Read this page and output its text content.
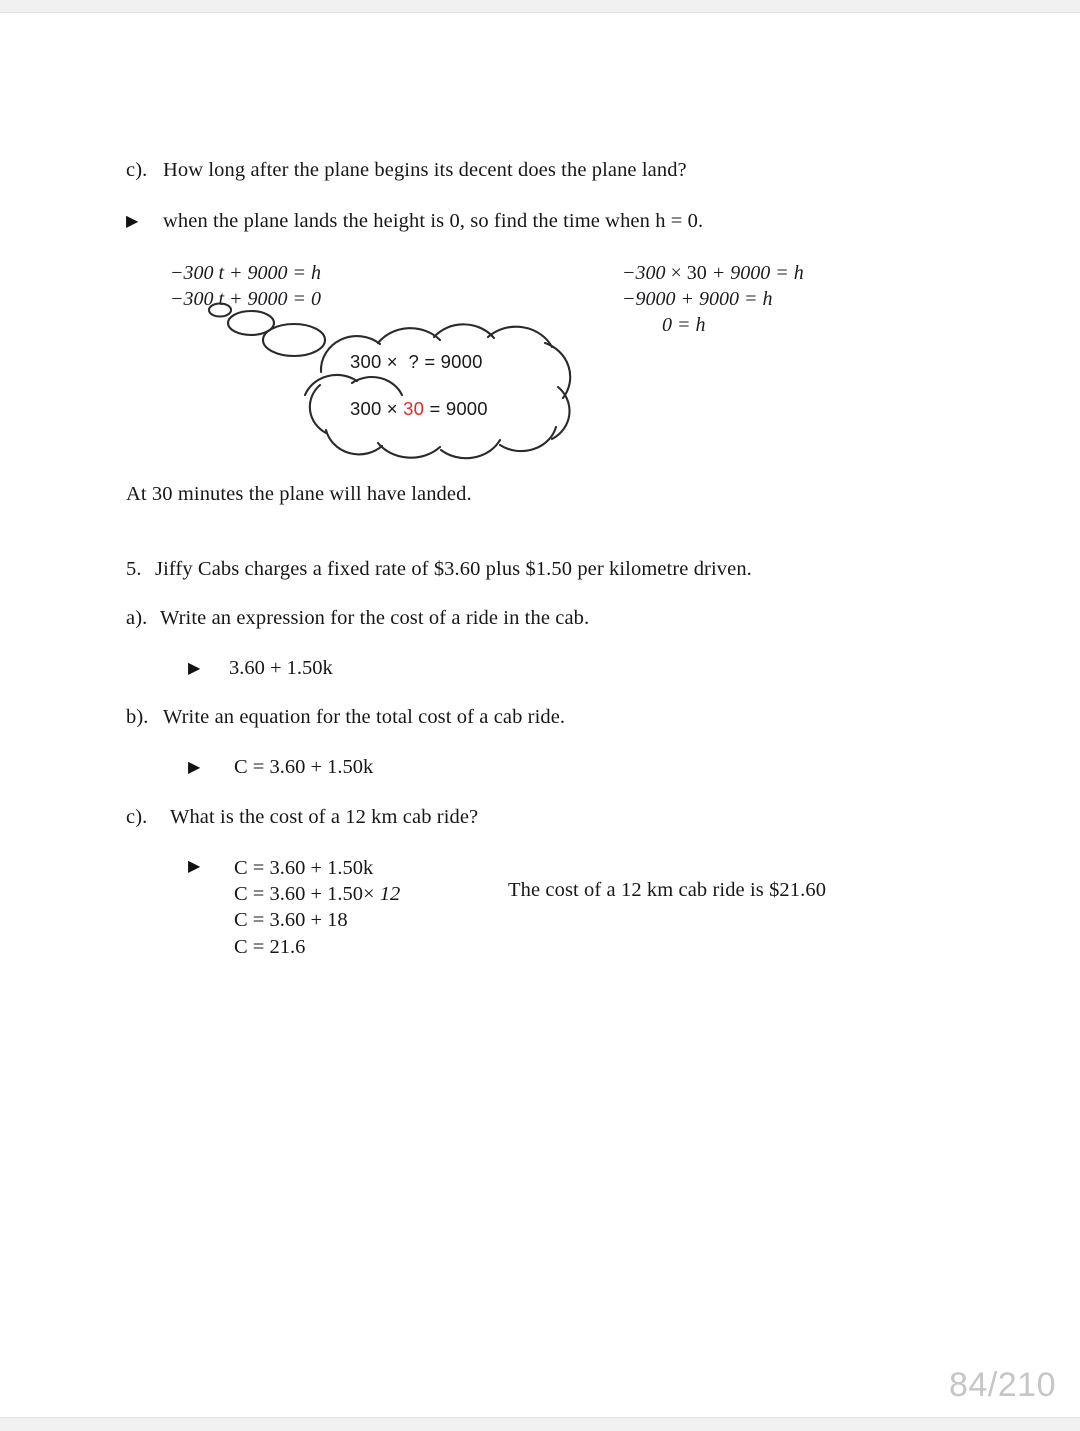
c). How long after the plane begins its decent does the plane land?
▶ when the plane lands the height is 0, so find the time when h = 0.
−300 t + 9000 = h
−300 t + 9000 = 0
−300 × 30 + 9000 = h
−9000 + 9000 = h
0 = h
300 ×  ? = 9000
300 × 30 = 9000
At 30 minutes the plane will have landed.
5. Jiffy Cabs charges a fixed rate of $3.60 plus $1.50 per kilometre driven.
a). Write an expression for the cost of a ride in the cab.
▶ 3.60 + 1.50k
b). Write an equation for the total cost of a cab ride.
▶ C = 3.60 + 1.50k
c). What is the cost of a 12 km cab ride?
▶ C = 3.60 + 1.50k
C = 3.60 + 1.50× 12
C = 3.60 + 18
C = 21.6
The cost of a 12 km cab ride is $21.60
84/210
